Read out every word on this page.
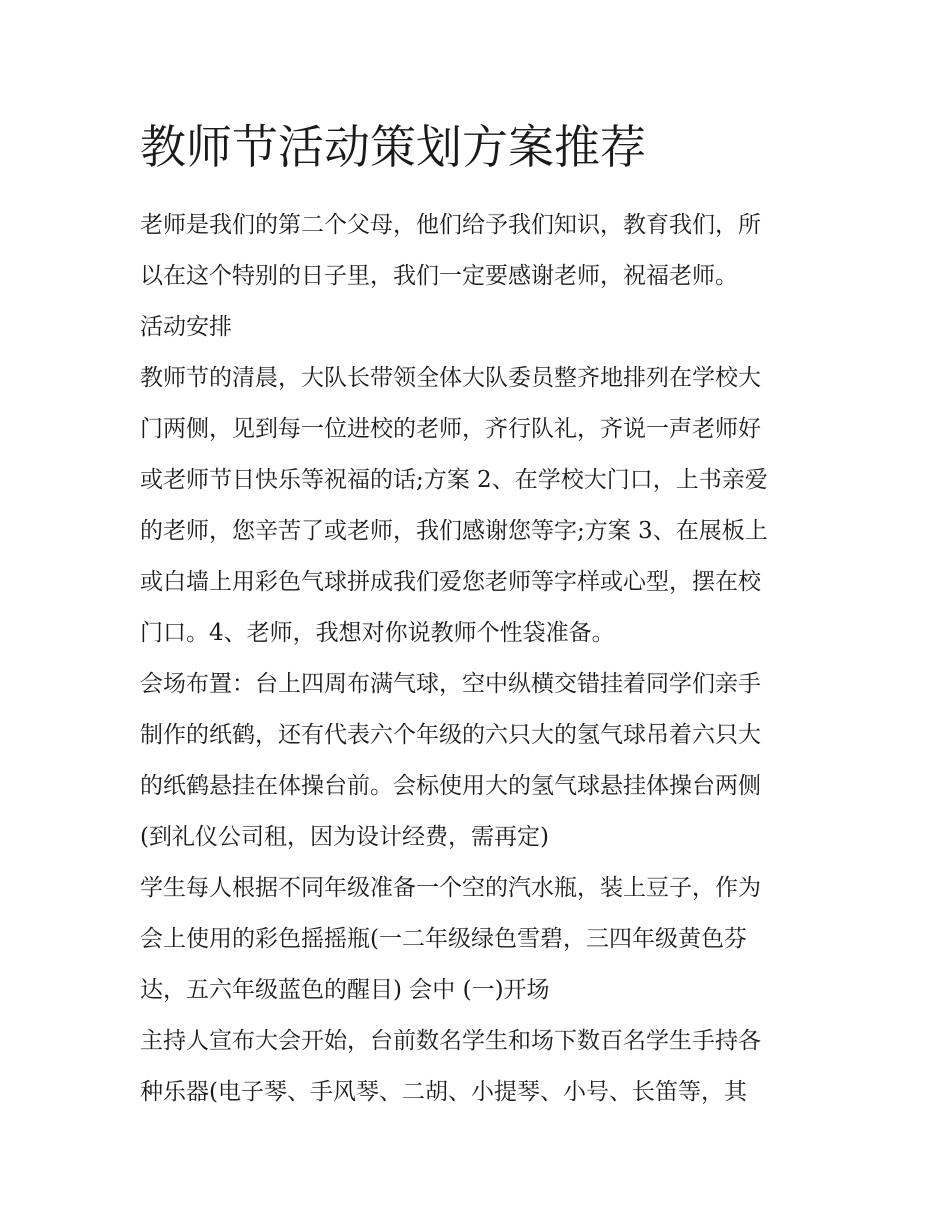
教师节活动策划方案推荐
老师是我们的第二个父母，他们给予我们知识，教育我们，所
以在这个特别的日子里，我们一定要感谢老师，祝福老师。
活动安排
教师节的清晨，大队长带领全体大队委员整齐地排列在学校大
门两侧，见到每一位进校的老师，齐行队礼，齐说一声老师好
或老师节日快乐等祝福的话;方案 2、在学校大门口，上书亲爱
的老师，您辛苦了或老师，我们感谢您等字;方案 3、在展板上
或白墙上用彩色气球拼成我们爱您老师等字样或心型，摆在校
门口。4、老师，我想对你说教师个性袋准备。
会场布置：台上四周布满气球，空中纵横交错挂着同学们亲手
制作的纸鹤，还有代表六个年级的六只大的氢气球吊着六只大
的纸鹤悬挂在体操台前。会标使用大的氢气球悬挂体操台两侧
(到礼仪公司租，因为设计经费，需再定)
学生每人根据不同年级准备一个空的汽水瓶，装上豆子，作为
会上使用的彩色摇摇瓶(一二年级绿色雪碧，三四年级黄色芬
达，五六年级蓝色的醒目) 会中 (一)开场
主持人宣布大会开始，台前数名学生和场下数百名学生手持各
种乐器(电子琴、手风琴、二胡、小提琴、小号、长笛等，其
